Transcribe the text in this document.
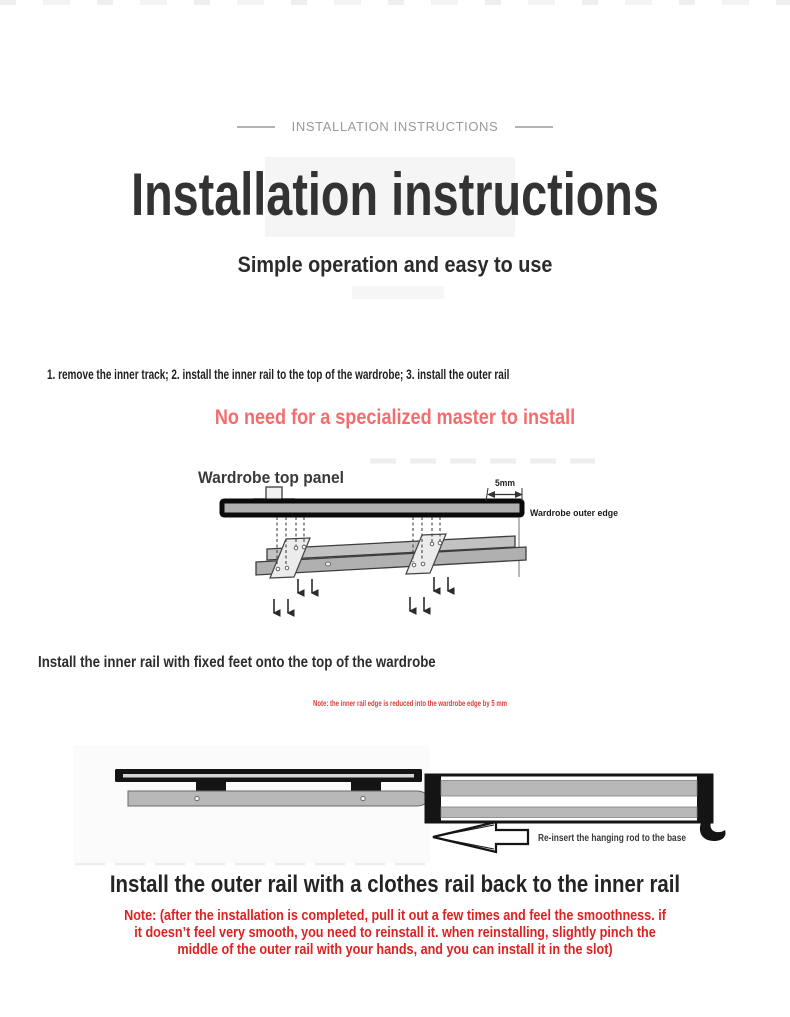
INSTALLATION INSTRUCTIONS
Installation instructions
Simple operation and easy to use
1. remove the inner track; 2. install the inner rail to the top of the wardrobe; 3. install the outer rail
No need for a specialized master to install
Wardrobe top panel	5mm
Wardrobe outer edge
Install the inner rail with fixed feet onto the top of the wardrobe
Note: the inner rail edge is reduced into the wardrobe edge by 5 mm
Re-insert the hanging rod to the base
Install the outer rail with a clothes rail back to the inner rail
Note: (after the installation is completed, pull it out a few times and feel the smoothness. if
it doesn’t feel very smooth, you need to reinstall it. when reinstalling, slightly pinch the
middle of the outer rail with your hands, and you can install it in the slot)
